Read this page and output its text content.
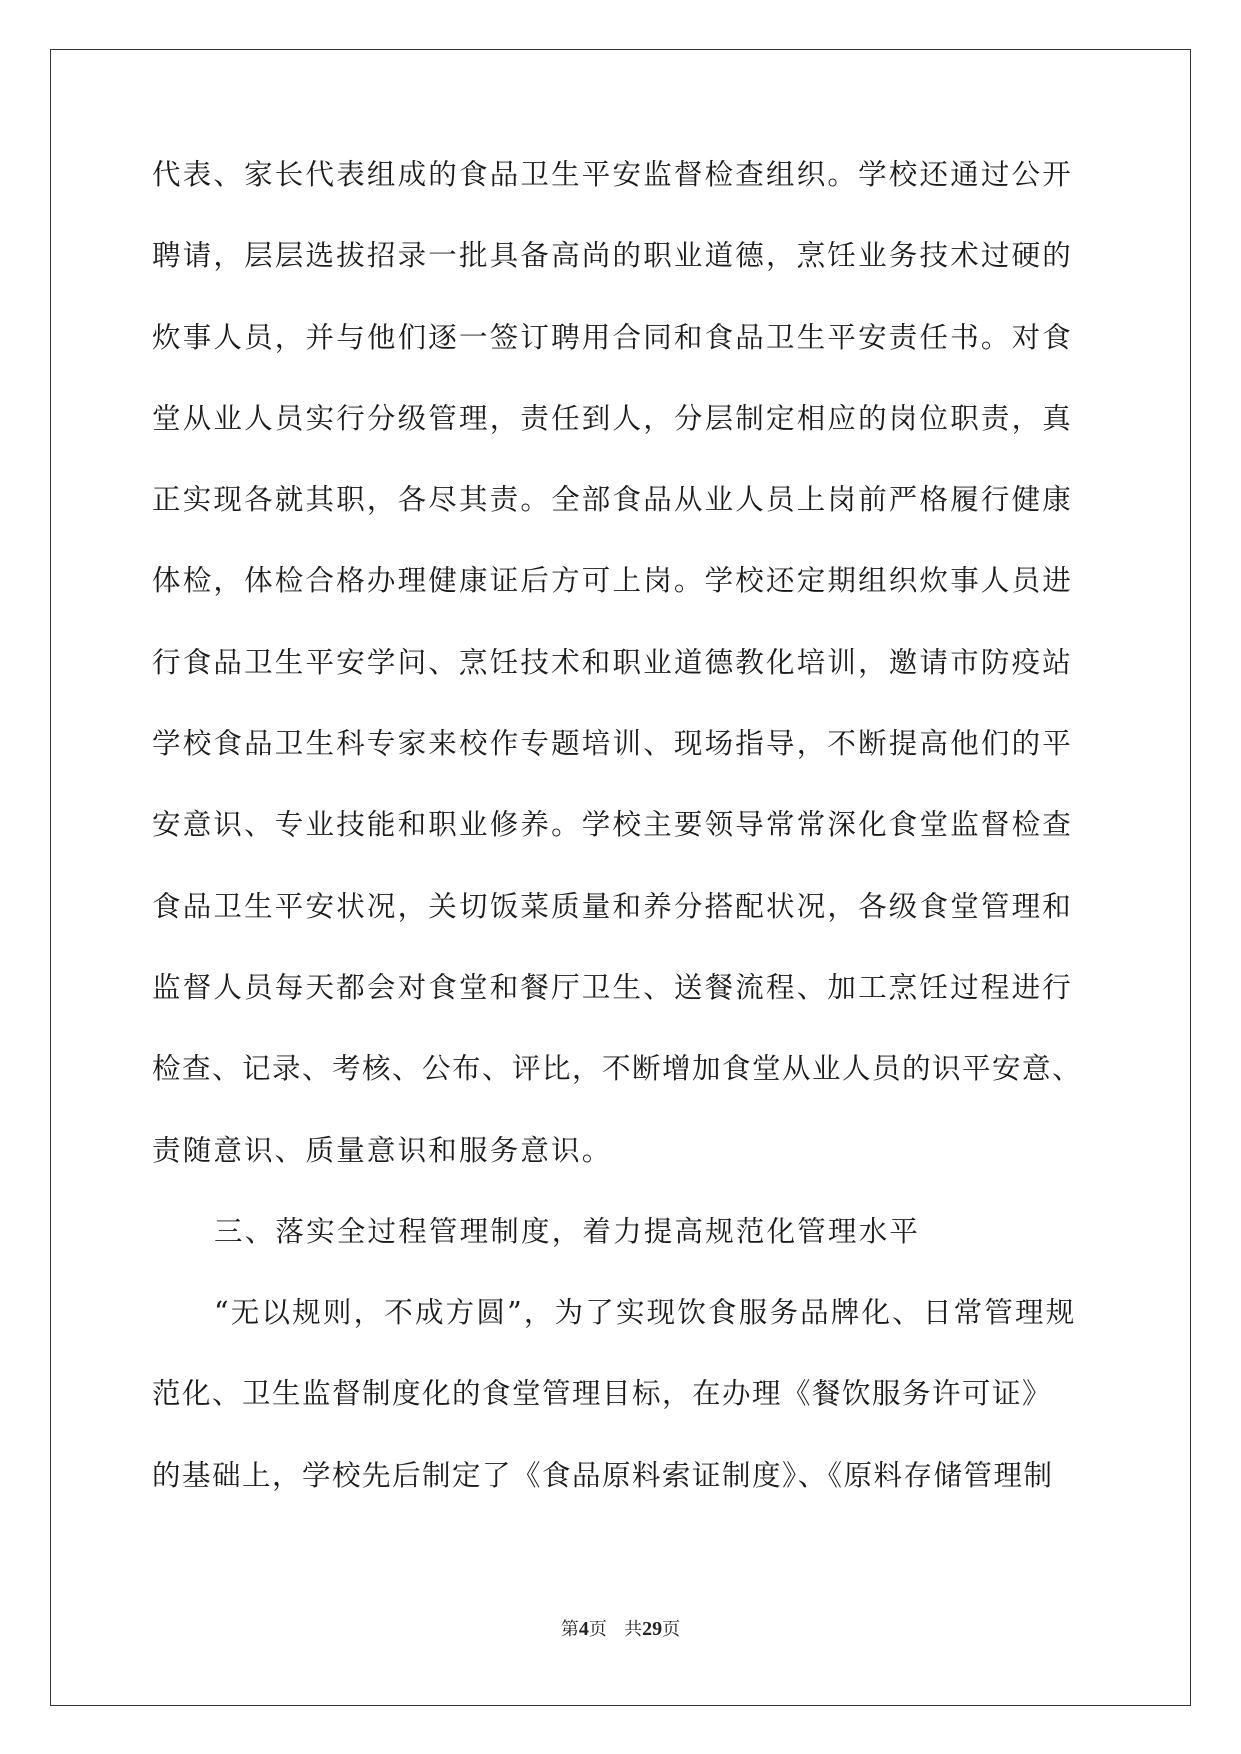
代表、家长代表组成的食品卫生平安监督检查组织。学校还通过公开
聘请，层层选拔招录一批具备高尚的职业道德，烹饪业务技术过硬的
炊事人员，并与他们逐一签订聘用合同和食品卫生平安责任书。对食
堂从业人员实行分级管理，责任到人，分层制定相应的岗位职责，真
正实现各就其职，各尽其责。全部食品从业人员上岗前严格履行健康
体检，体检合格办理健康证后方可上岗。学校还定期组织炊事人员进
行食品卫生平安学问、烹饪技术和职业道德教化培训，邀请市防疫站
学校食品卫生科专家来校作专题培训、现场指导，不断提高他们的平
安意识、专业技能和职业修养。学校主要领导常常深化食堂监督检查
食品卫生平安状况，关切饭菜质量和养分搭配状况，各级食堂管理和
监督人员每天都会对食堂和餐厅卫生、送餐流程、加工烹饪过程进行
检查、记录、考核、公布、评比，不断增加食堂从业人员的识平安意、
责随意识、质量意识和服务意识。
三、落实全过程管理制度，着力提高规范化管理水平
“无以规则，不成方圆”，为了实现饮食服务品牌化、日常管理规
范化、卫生监督制度化的食堂管理目标，在办理《餐饮服务许可证》
的基础上，学校先后制定了《食品原料索证制度》、《原料存储管理制
第4页 共29页
